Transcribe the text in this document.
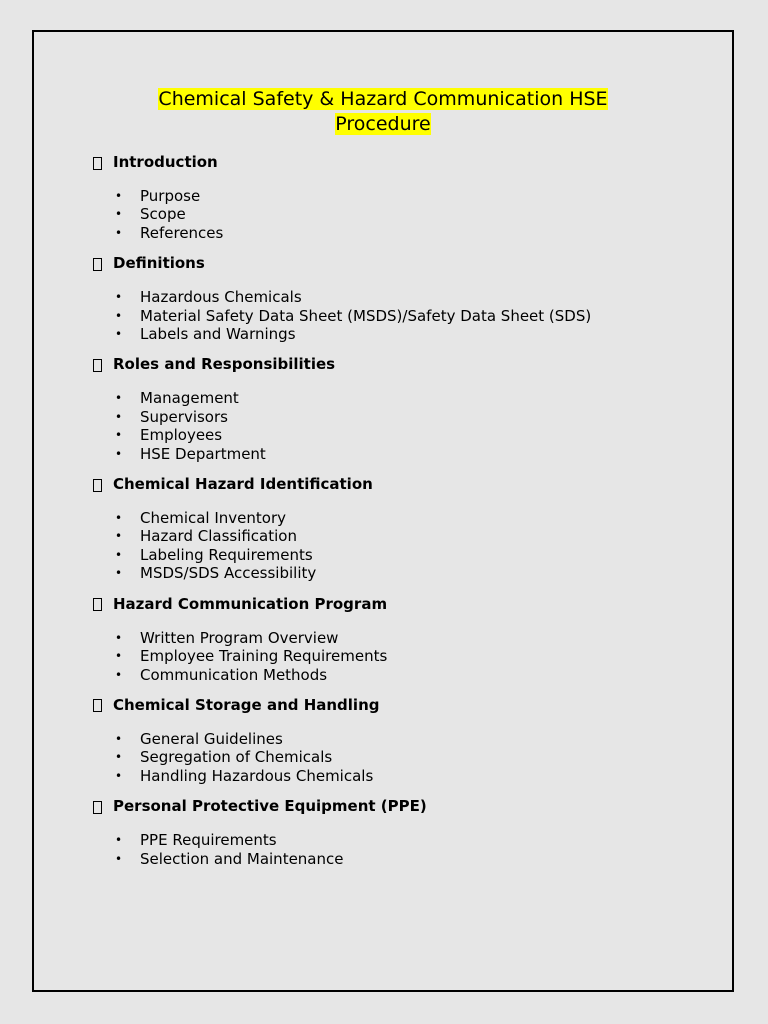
Chemical Safety & Hazard Communication HSE
Procedure
Introduction
• Purpose
• Scope
• References
Definitions
• Hazardous Chemicals
• Material Safety Data Sheet (MSDS)/Safety Data Sheet (SDS)
• Labels and Warnings
Roles and Responsibilities
• Management
• Supervisors
• Employees
• HSE Department
Chemical Hazard Identification
• Chemical Inventory
• Hazard Classification
• Labeling Requirements
• MSDS/SDS Accessibility
Hazard Communication Program
• Written Program Overview
• Employee Training Requirements
• Communication Methods
Chemical Storage and Handling
• General Guidelines
• Segregation of Chemicals
• Handling Hazardous Chemicals
Personal Protective Equipment (PPE)
• PPE Requirements
• Selection and Maintenance
